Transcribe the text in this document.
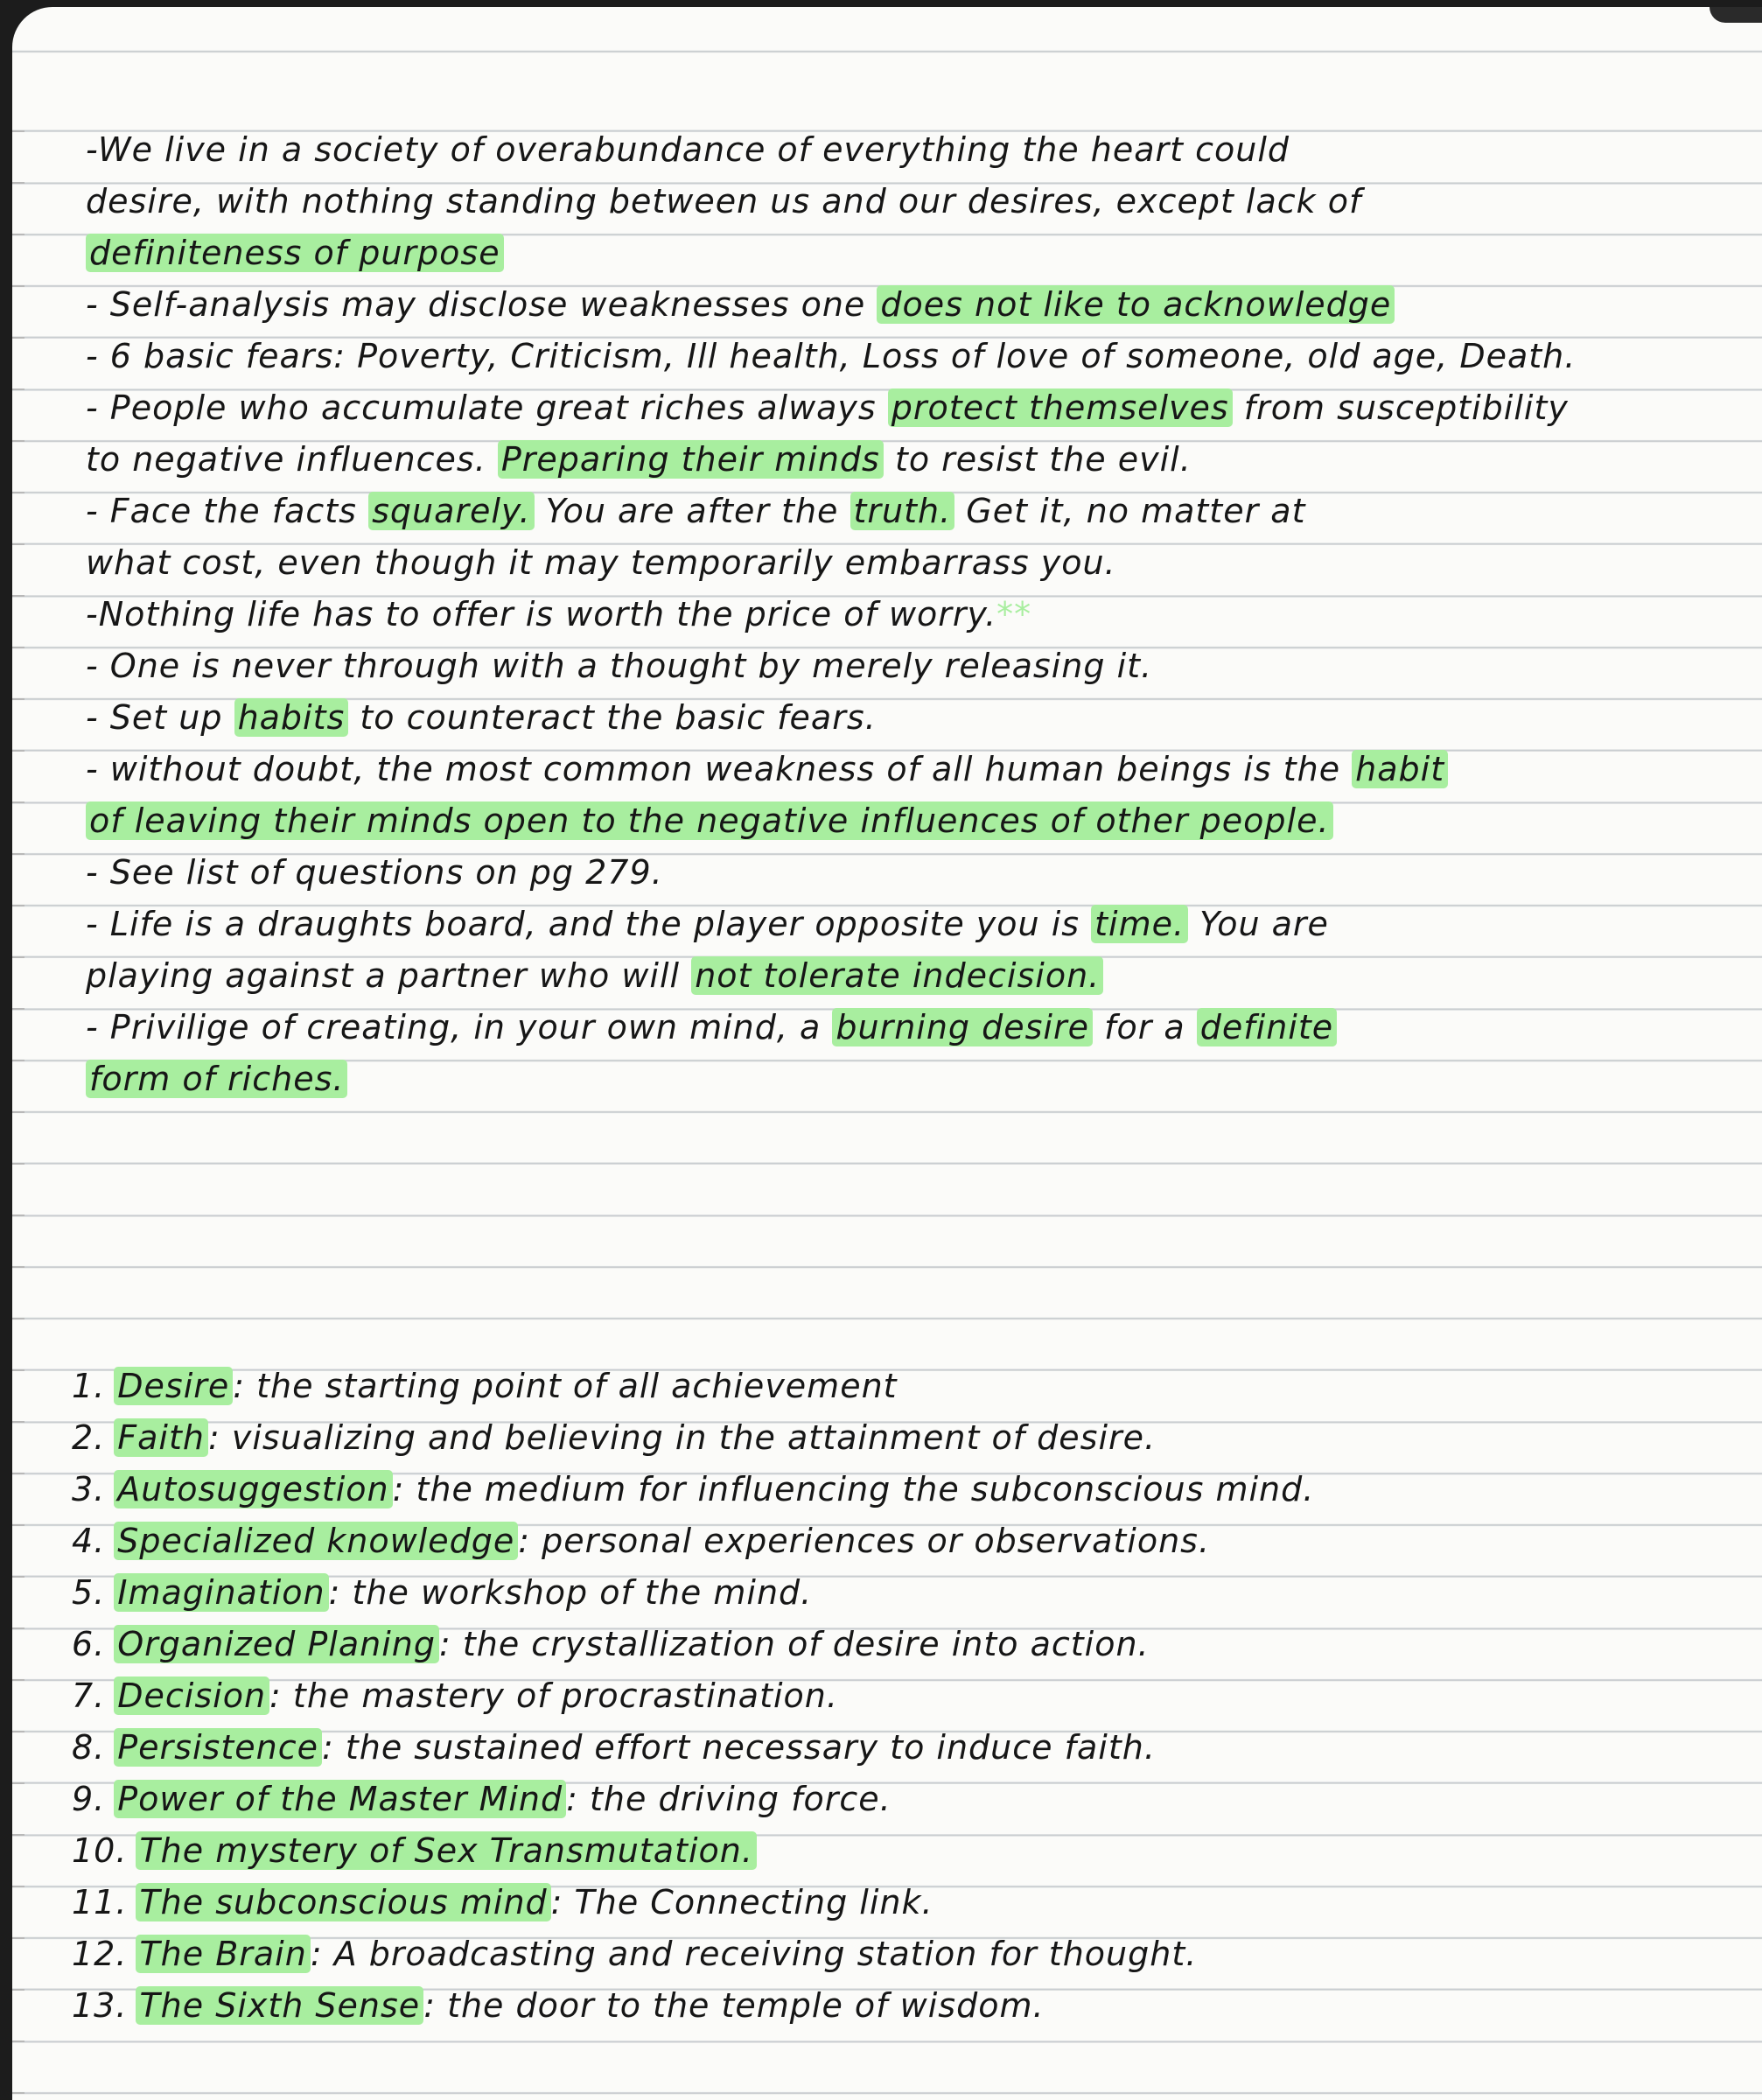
-We live in a society of overabundance of everything the heart could
desire, with nothing standing between us and our desires, except lack of
definiteness of purpose
- Self-analysis may disclose weaknesses one does not like to acknowledge
- 6 basic fears: Poverty, Criticism, Ill health, Loss of love of someone, old age, Death.
- People who accumulate great riches always protect themselves from susceptibility
to negative influences. Preparing their minds to resist the evil.
- Face the facts squarely. You are after the truth. Get it, no matter at
what cost, even though it may temporarily embarrass you.
-Nothing life has to offer is worth the price of worry.**
- One is never through with a thought by merely releasing it.
- Set up habits to counteract the basic fears.
- without doubt, the most common weakness of all human beings is the habit
of leaving their minds open to the negative influences of other people.
- See list of questions on pg 279.
- Life is a draughts board, and the player opposite you is time. You are
playing against a partner who will not tolerate indecision.
- Privilige of creating, in your own mind, a burning desire for a definite
form of riches.
1. Desire : the starting point of all achievement
2. Faith : visualizing and believing in the attainment of desire.
3. Autosuggestion : the medium for influencing the subconscious mind.
4. Specialized knowledge : personal experiences or observations.
5. Imagination : the workshop of the mind.
6. Organized Planing : the crystallization of desire into action.
7. Decision : the mastery of procrastination.
8. Persistence : the sustained effort necessary to induce faith.
9. Power of the Master Mind : the driving force.
10. The mystery of Sex Transmutation.
11. The subconscious mind : The Connecting link.
12. The Brain : A broadcasting and receiving station for thought.
13. The Sixth Sense : the door to the temple of wisdom.
